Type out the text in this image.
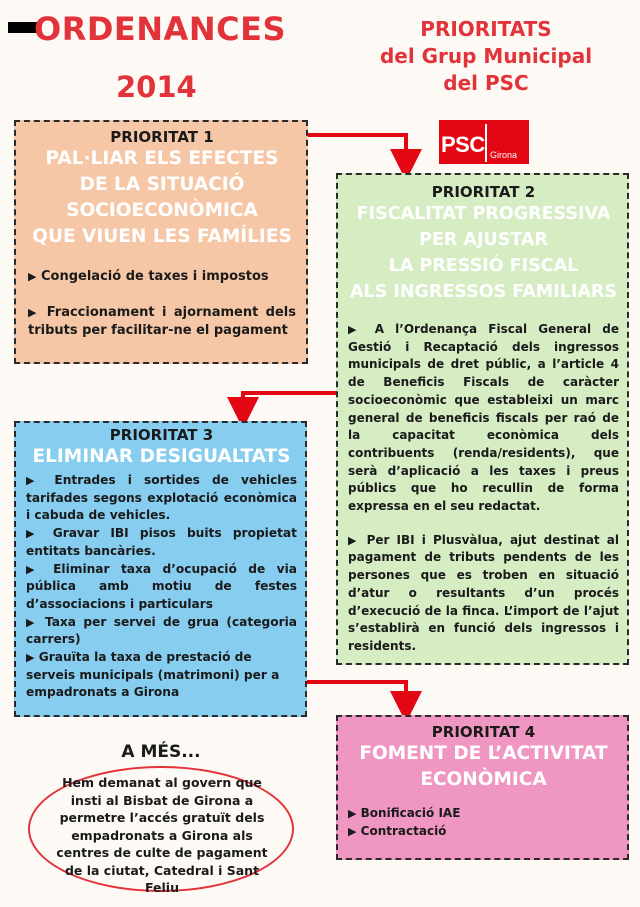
ORDENANCES
2014
PRIORITATS
del Grup Municipal
del PSC
PSC Girona
PRIORITAT 1
PAL·LIAR ELS EFECTES
DE LA SITUACIÓ
SOCIOECONÒMICA
QUE VIUEN LES FAMÍLIES
▶ Congelació de taxes i impostos
▶ Fraccionament i ajornament dels tributs per facilitar-ne el pagament
PRIORITAT 2
FISCALITAT PROGRESSIVA
PER AJUSTAR
LA PRESSIÓ FISCAL
ALS INGRESSOS FAMILIARS
▶ A l’Ordenança Fiscal General de Gestió i Recaptació dels ingressos municipals de dret públic, a l’article 4 de Beneficis Fiscals de caràcter socioeconòmic que estableixi un marc general de beneficis fiscals per raó de la capacitat econòmica dels contribuents (renda/residents), que serà d’aplicació a les taxes i preus públics que ho recullin de forma expressa en el seu redactat.
▶ Per IBI i Plusvàlua, ajut destinat al pagament de tributs pendents de les persones que es troben en situació d’atur o resultants d’un procés d’execució de la finca. L’import de l’ajut s’establirà en funció dels ingressos i residents.
PRIORITAT 3
ELIMINAR DESIGUALTATS
▶ Entrades i sortides de vehicles tarifades segons explotació econòmica i cabuda de vehicles.
▶ Gravar IBI pisos buits propietat entitats bancàries.
▶ Eliminar taxa d’ocupació de via pública amb motiu de festes d’associacions i particulars
▶ Taxa per servei de grua (categoria carrers)
▶ Grauïta la taxa de prestació de serveis municipals (matrimoni) per a empadronats a Girona
PRIORITAT 4
FOMENT DE L’ACTIVITAT
ECONÒMICA
▶ Bonificació IAE
▶ Contractació
A MÉS...
Hem demanat al govern que insti al Bisbat de Girona a permetre l’accés gratuït dels empadronats a Girona als centres de culte de pagament de la ciutat, Catedral i Sant Feliu
